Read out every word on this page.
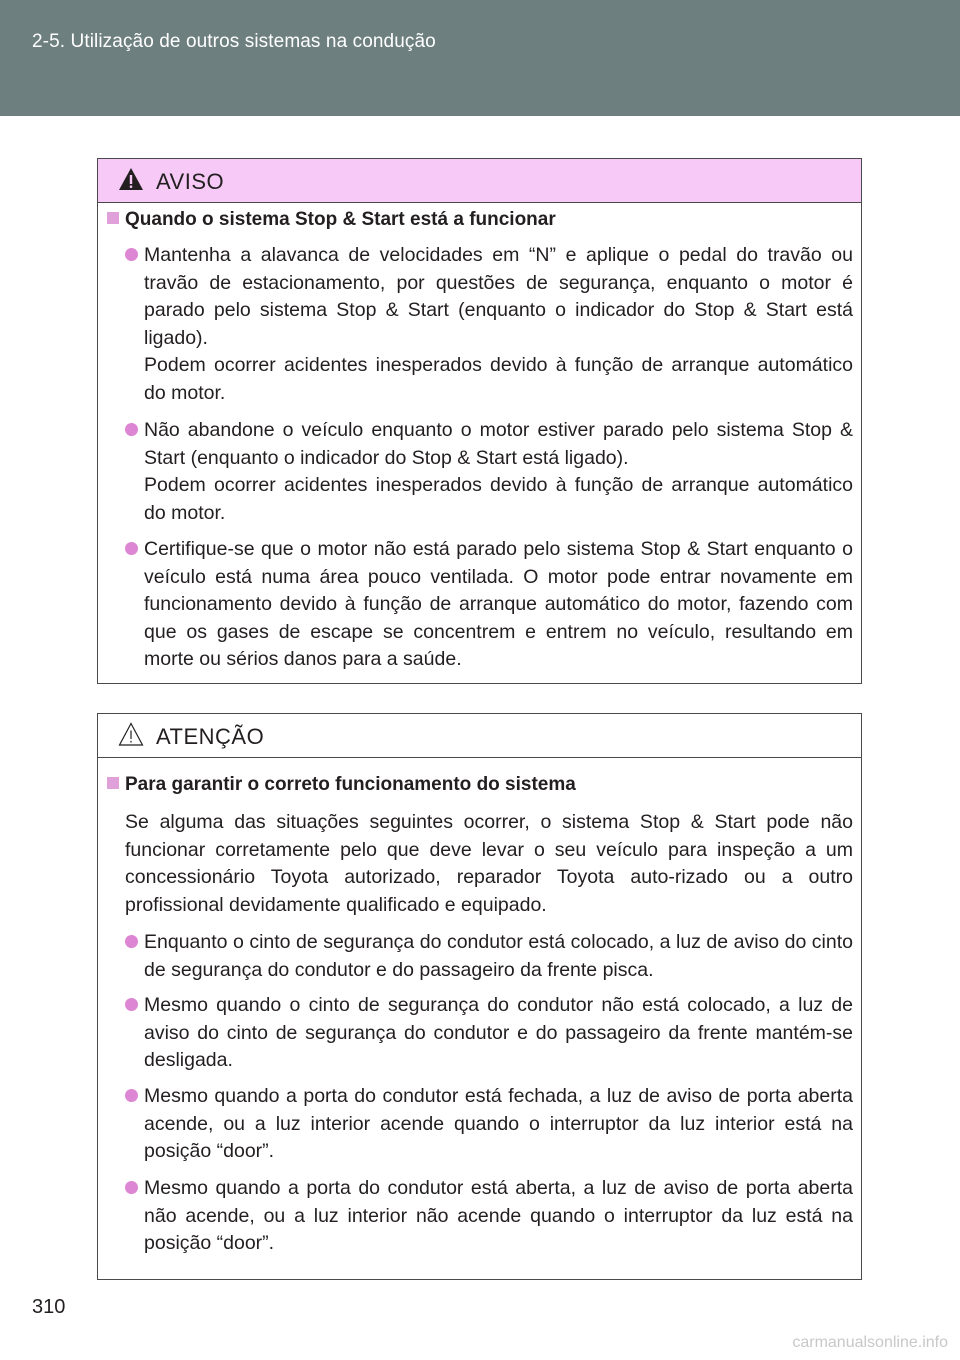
2-5. Utilização de outros sistemas na condução
AVISO
Quando o sistema Stop & Start está a funcionar
Mantenha a alavanca de velocidades em “N” e aplique o pedal do travão ou travão de estacionamento, por questões de segurança, enquanto o motor é parado pelo sistema Stop & Start (enquanto o indicador do Stop & Start está ligado).
Podem ocorrer acidentes inesperados devido à função de arranque automático do motor.
Não abandone o veículo enquanto o motor estiver parado pelo sistema Stop & Start (enquanto o indicador do Stop & Start está ligado).
Podem ocorrer acidentes inesperados devido à função de arranque automático do motor.
Certifique-se que o motor não está parado pelo sistema Stop & Start enquanto o veículo está numa área pouco ventilada. O motor pode entrar novamente em funcionamento devido à função de arranque automático do motor, fazendo com que os gases de escape se concentrem e entrem no veículo, resultando em morte ou sérios danos para a saúde.
ATENÇÃO
Para garantir o correto funcionamento do sistema
Se alguma das situações seguintes ocorrer, o sistema Stop & Start pode não funcionar corretamente pelo que deve levar o seu veículo para inspeção a um concessionário Toyota autorizado, reparador Toyota auto-rizado ou a outro profissional devidamente qualificado e equipado.
Enquanto o cinto de segurança do condutor está colocado, a luz de aviso do cinto de segurança do condutor e do passageiro da frente pisca.
Mesmo quando o cinto de segurança do condutor não está colocado, a luz de aviso do cinto de segurança do condutor e do passageiro da frente mantém-se desligada.
Mesmo quando a porta do condutor está fechada, a luz de aviso de porta aberta acende, ou a luz interior acende quando o interruptor da luz interior está na posição “door”.
Mesmo quando a porta do condutor está aberta, a luz de aviso de porta aberta não acende, ou a luz interior não acende quando o interruptor da luz está na posição “door”.
310
carmanualsonline.info
